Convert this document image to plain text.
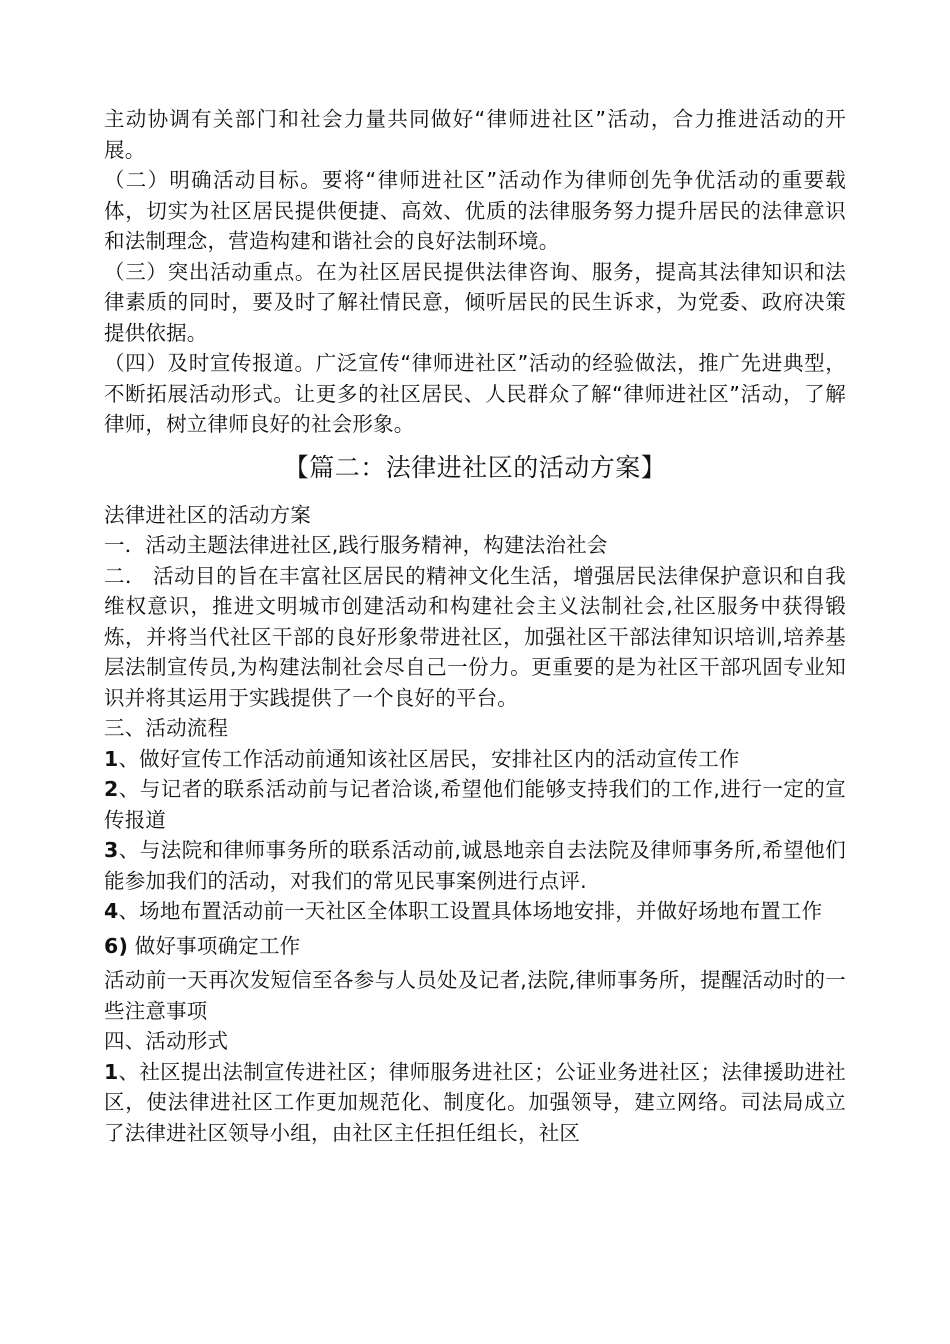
主动协调有关部门和社会力量共同做好“律师进社区”活动，合力推进活动的开展。

（二）明确活动目标。要将“律师进社区”活动作为律师创先争优活动的重要载体，切实为社区居民提供便捷、高效、优质的法律服务努力提升居民的法律意识和法制理念，营造构建和谐社会的良好法制环境。

（三）突出活动重点。在为社区居民提供法律咨询、服务，提高其法律知识和法律素质的同时，要及时了解社情民意，倾听居民的民生诉求，为党委、政府决策提供依据。

（四）及时宣传报道。广泛宣传“律师进社区”活动的经验做法，推广先进典型，不断拓展活动形式。让更多的社区居民、人民群众了解“律师进社区”活动，了解律师，树立律师良好的社会形象。

【篇二：法律进社区的活动方案】

法律进社区的活动方案

一．活动主题法律进社区,践行服务精神，构建法治社会

二． 活动目的旨在丰富社区居民的精神文化生活，增强居民法律保护意识和自我维权意识，推进文明城市创建活动和构建社会主义法制社会,社区服务中获得锻炼，并将当代社区干部的良好形象带进社区，加强社区干部法律知识培训,培养基层法制宣传员,为构建法制社会尽自己一份力。更重要的是为社区干部巩固专业知识并将其运用于实践提供了一个良好的平台。

三、活动流程

1、做好宣传工作活动前通知该社区居民，安排社区内的活动宣传工作

2、与记者的联系活动前与记者洽谈,希望他们能够支持我们的工作,进行一定的宣传报道

3、与法院和律师事务所的联系活动前,诚恳地亲自去法院及律师事务所,希望他们能参加我们的活动，对我们的常见民事案例进行点评.

4、场地布置活动前一天社区全体职工设置具体场地安排，并做好场地布置工作

6) 做好事项确定工作

活动前一天再次发短信至各参与人员处及记者,法院,律师事务所，提醒活动时的一些注意事项

四、活动形式

1、社区提出法制宣传进社区；律师服务进社区；公证业务进社区；法律援助进社区，使法律进社区工作更加规范化、制度化。加强领导，建立网络。司法局成立了法律进社区领导小组，由社区主任担任组长，社区
